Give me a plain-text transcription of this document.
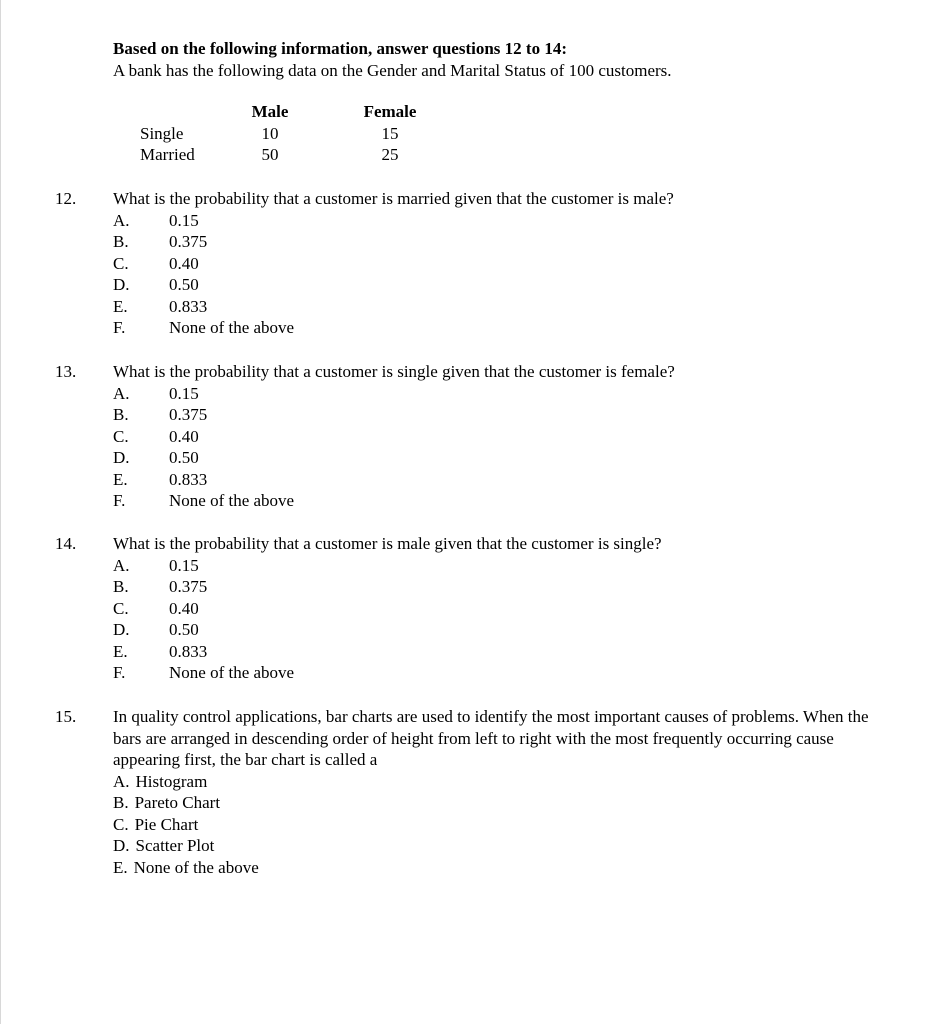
Based on the following information, answer questions 12 to 14:
A bank has the following data on the Gender and Marital Status of 100 customers.
	Male		Female
Single	10		15
Married	50		25
12. What is the probability that a customer is married given that the customer is male?
A.	0.15
B.	0.375
C.	0.40
D.	0.50
E.	0.833
F.	None of the above
13. What is the probability that a customer is single given that the customer is female?
A.	0.15
B.	0.375
C.	0.40
D.	0.50
E.	0.833
F.	None of the above
14. What is the probability that a customer is male given that the customer is single?
A.	0.15
B.	0.375
C.	0.40
D.	0.50
E.	0.833
F.	None of the above
15. In quality control applications, bar charts are used to identify the most important causes of problems. When the bars are arranged in descending order of height from left to right with the most frequently occurring cause appearing first, the bar chart is called a
A. Histogram
B. Pareto Chart
C. Pie Chart
D. Scatter Plot
E. None of the above
